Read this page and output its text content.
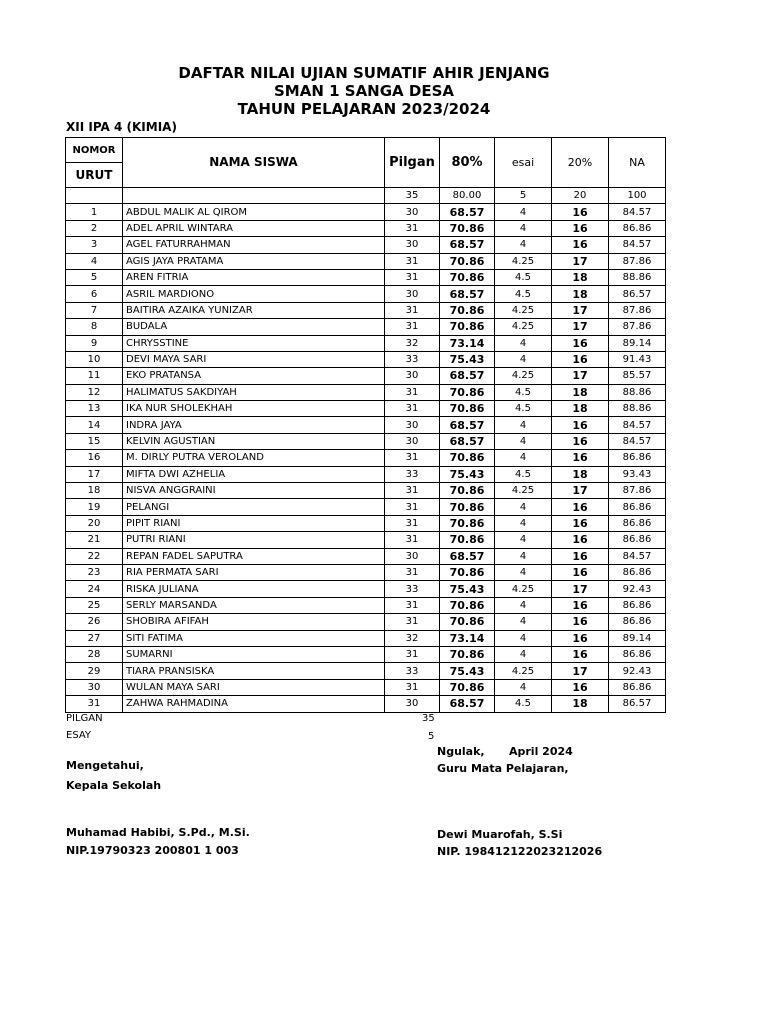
DAFTAR NILAI UJIAN SUMATIF AHIR JENJANG
SMAN 1 SANGA DESA
TAHUN PELAJARAN 2023/2024
XII IPA 4 (KIMIA)
NOMOR	NAMA SISWA	Pilgan	80%	esai	20%	NA
URUT						
		35	80.00	5	20	100
1	ABDUL MALIK AL QIROM	30	68.57	4	16	84.57
2	ADEL APRIL WINTARA	31	70.86	4	16	86.86
3	AGEL FATURRAHMAN	30	68.57	4	16	84.57
4	AGIS JAYA PRATAMA	31	70.86	4.25	17	87.86
5	AREN FITRIA	31	70.86	4.5	18	88.86
6	ASRIL MARDIONO	30	68.57	4.5	18	86.57
7	BAITIRA AZAIKA YUNIZAR	31	70.86	4.25	17	87.86
8	BUDALA	31	70.86	4.25	17	87.86
9	CHRYSSTINE	32	73.14	4	16	89.14
10	DEVI MAYA SARI	33	75.43	4	16	91.43
11	EKO PRATANSA	30	68.57	4.25	17	85.57
12	HALIMATUS SAKDIYAH	31	70.86	4.5	18	88.86
13	IKA NUR SHOLEKHAH	31	70.86	4.5	18	88.86
14	INDRA JAYA	30	68.57	4	16	84.57
15	KELVIN AGUSTIAN	30	68.57	4	16	84.57
16	M. DIRLY PUTRA VEROLAND	31	70.86	4	16	86.86
17	MIFTA DWI AZHELIA	33	75.43	4.5	18	93.43
18	NISVA ANGGRAINI	31	70.86	4.25	17	87.86
19	PELANGI	31	70.86	4	16	86.86
20	PIPIT RIANI	31	70.86	4	16	86.86
21	PUTRI RIANI	31	70.86	4	16	86.86
22	REPAN FADEL SAPUTRA	30	68.57	4	16	84.57
23	RIA PERMATA SARI	31	70.86	4	16	86.86
24	RISKA JULIANA	33	75.43	4.25	17	92.43
25	SERLY MARSANDA	31	70.86	4	16	86.86
26	SHOBIRA AFIFAH	31	70.86	4	16	86.86
27	SITI FATIMA	32	73.14	4	16	89.14
28	SUMARNI	31	70.86	4	16	86.86
29	TIARA PRANSISKA	33	75.43	4.25	17	92.43
30	WULAN MAYA SARI	31	70.86	4	16	86.86
31	ZAHWA RAHMADINA	30	68.57	4.5	18	86.57
PILGAN	35
ESAY	5
Ngulak, April 2024
Guru Mata Pelajaran,
Mengetahui,
Kepala Sekolah
Muhamad Habibi, S.Pd., M.Si.
NIP.19790323 200801 1 003
Dewi Muarofah, S.Si
NIP. 198412122023212026
